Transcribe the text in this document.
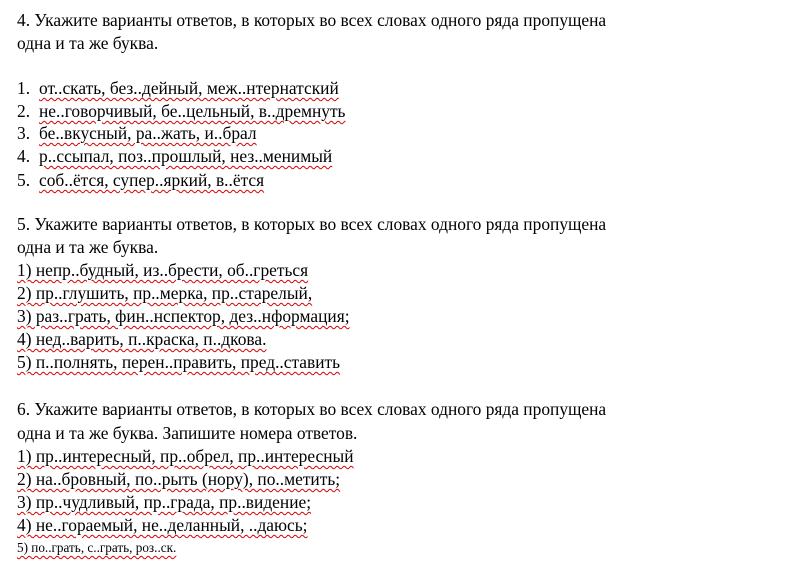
4. Укажите варианты ответов, в которых во всех словах одного ряда пропущена
одна и та же буква.
1. от..скать, без..дейный, меж..нтернатский
2. не..говорчивый, бе..цельный, в..дремнуть
3. бе..вкусный, ра..жать, и..брал
4. р..ссыпал, поз..прошлый, нез..менимый
5. соб..ётся, супер..яркий, в..ётся
5. Укажите варианты ответов, в которых во всех словах одного ряда пропущена
одна и та же буква.
1) непр..будный, из..брести, об..греться
2) пр..глушить, пр..мерка, пр..старелый,
3) раз..грать, фин..нспектор, дез..нформация;
4) нед..варить, п..краска, п..дкова.
5) п..полнять, перен..править, пред..ставить
6. Укажите варианты ответов, в которых во всех словах одного ряда пропущена
одна и та же буква. Запишите номера ответов.
1) пр..интересный, пр..обрел, пр..интересный
2) на..бровный, по..рыть (нору), по..метить;
3) пр..чудливый, пр..града, пр..видение;
4) не..гораемый, не..деланный, ..даюсь;
5) по..грать, с..грать, роз..ск.
